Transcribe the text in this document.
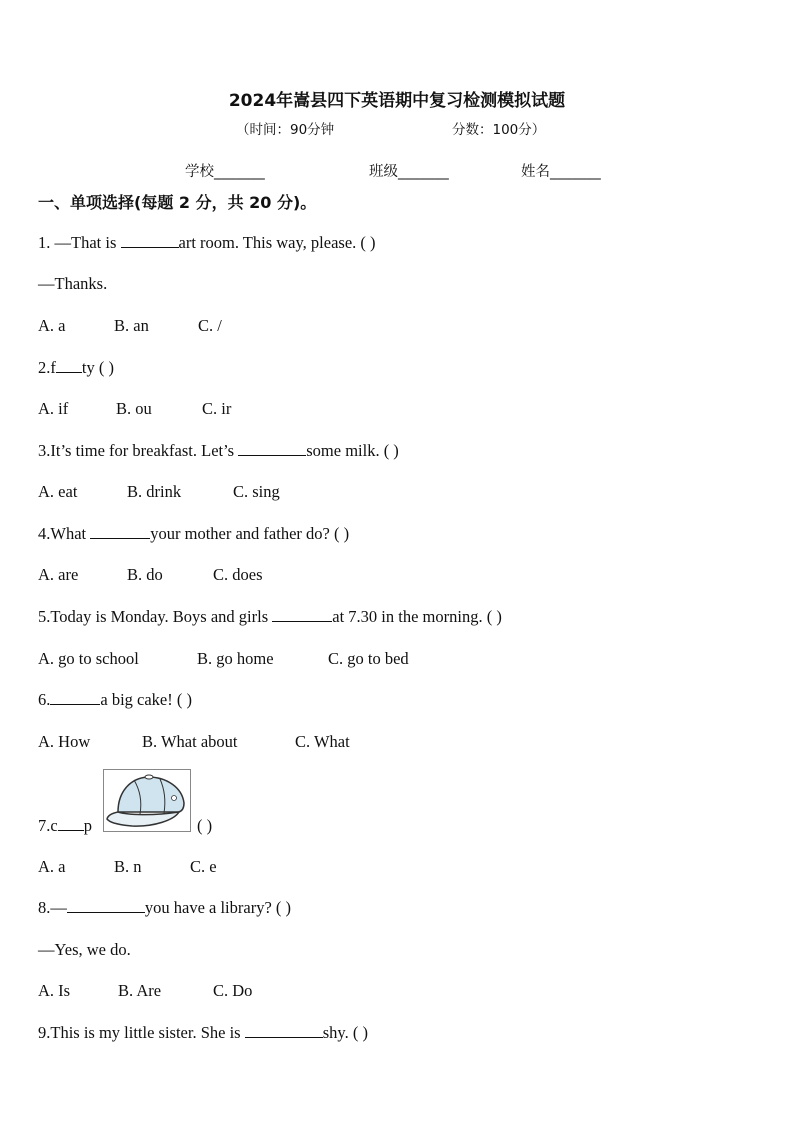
2024年嵩县四下英语期中复习检测模拟试题
（时间：90分钟	分数：100分）
学校_______	班级_______	姓名_______
一、单项选择(每题 2 分，共 20 分)。
1. —That is	art room. This way, please. ( )
—Thanks.
A. a	B. an	C. /
2.f ty ( )
A. if	B. ou	C. ir
3.It’s time for breakfast. Let’s	some milk. ( )
A. eat	B. drink	C. sing
4.What	your mother and father do? ( )
A. are	B. do	C. does
5.Today is Monday. Boys and girls	at 7.30 in the morning. ( )
A. go to school	B. go home	C. go to bed
6.	a big cake! ( )
A. How	B. What about	C. What
7.c p	( )
A. a	B. n	C. e
8.—	you have a library? ( )
—Yes, we do.
A. Is	B. Are	C. Do
9.This is my little sister. She is	shy. ( )
